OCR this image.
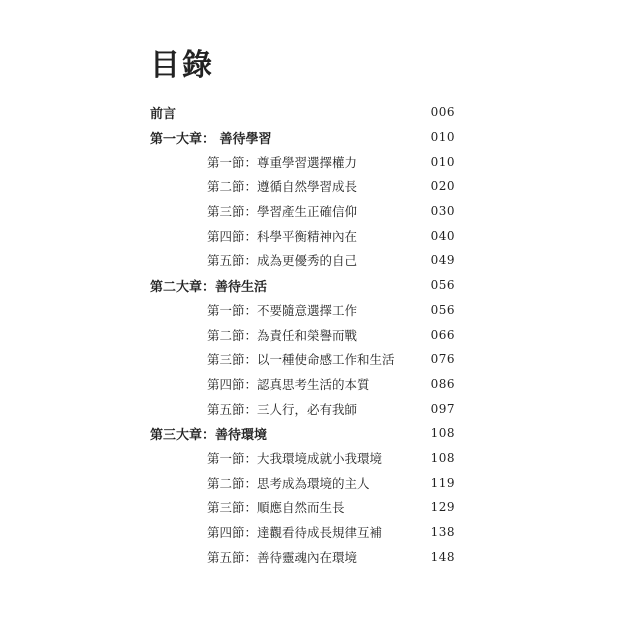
目錄
前言	006
第一大章： 善待學習	010
第一節：尊重學習選擇權力	010
第二節：遵循自然學習成長	020
第三節：學習產生正確信仰	030
第四節：科學平衡精神內在	040
第五節：成為更優秀的自己	049
第二大章：善待生活	056
第一節：不要隨意選擇工作	056
第二節：為責任和榮譽而戰	066
第三節：以一種使命感工作和生活	076
第四節：認真思考生活的本質	086
第五節：三人行，必有我師	097
第三大章：善待環境	108
第一節：大我環境成就小我環境	108
第二節：思考成為環境的主人	119
第三節：順應自然而生長	129
第四節：達觀看待成長規律互補	138
第五節：善待靈魂內在環境	148
